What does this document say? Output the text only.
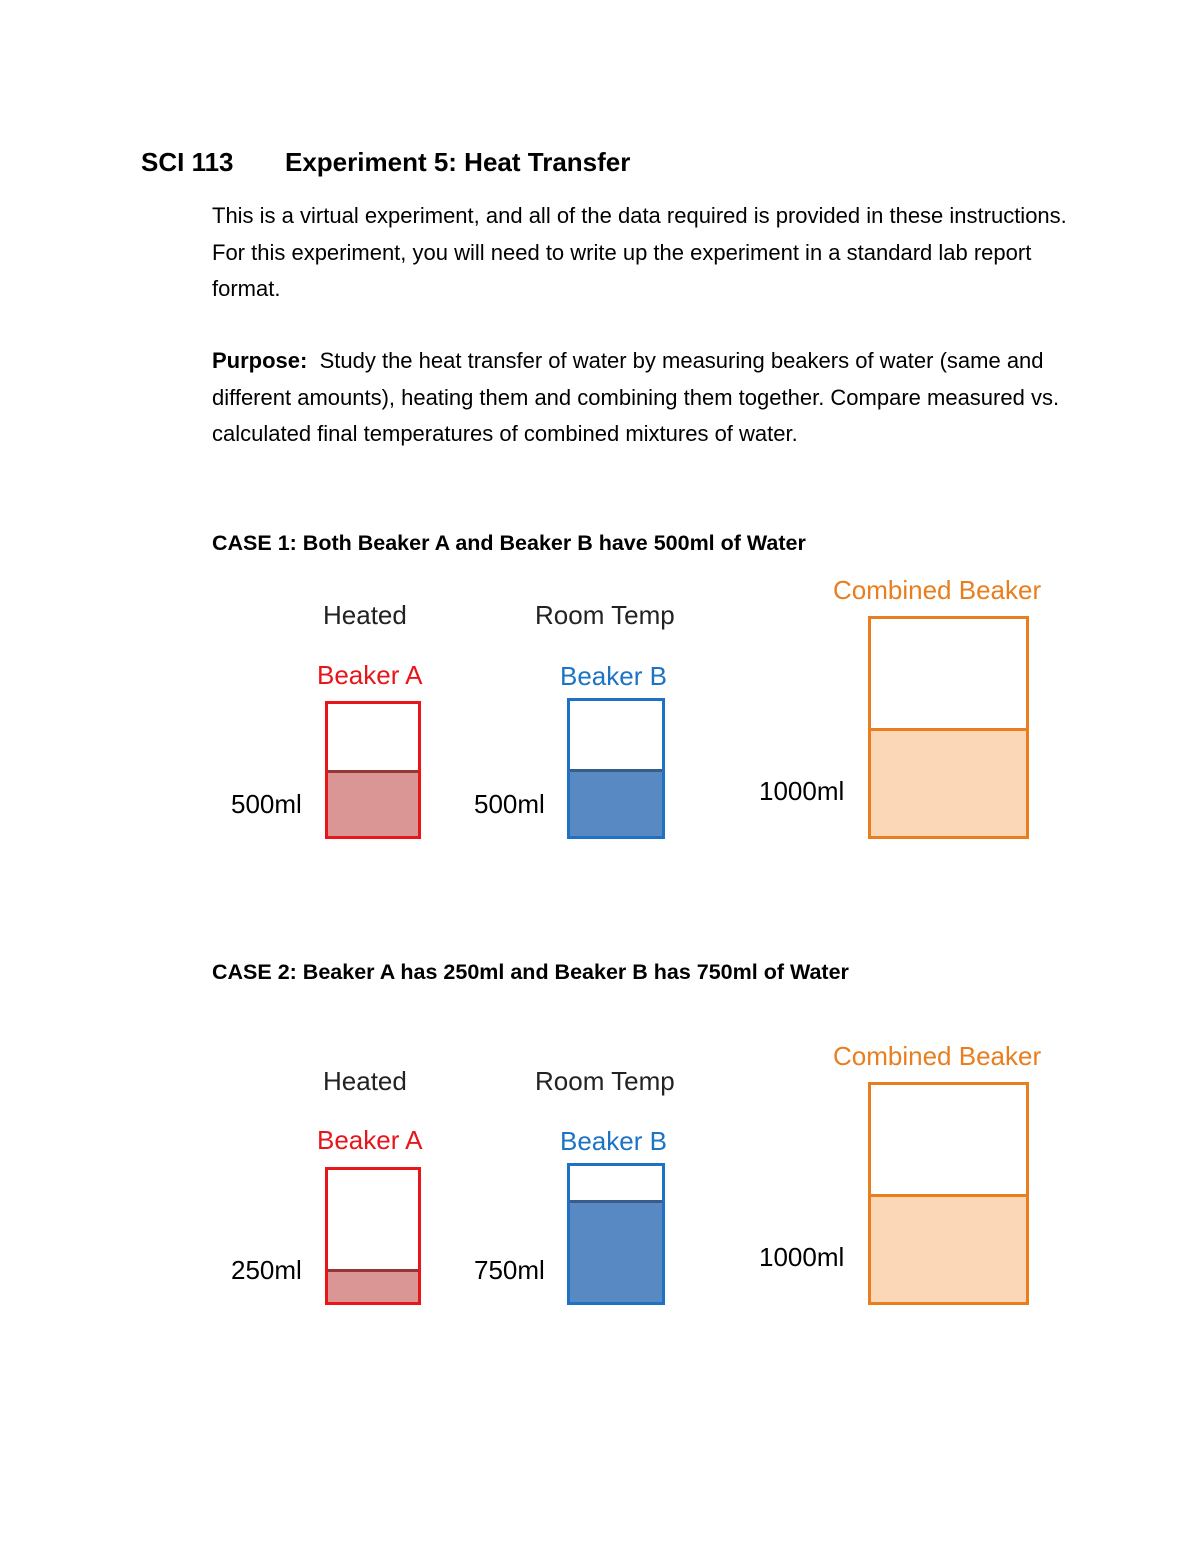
SCI 113 Experiment 5: Heat Transfer
This is a virtual experiment, and all of the data required is provided in these instructions. For this experiment, you will need to write up the experiment in a standard lab report format.
Purpose: Study the heat transfer of water by measuring beakers of water (same and different amounts), heating them and combining them together. Compare measured vs. calculated final temperatures of combined mixtures of water.
CASE 1: Both Beaker A and Beaker B have 500ml of Water
Heated	Room Temp
Combined Beaker
Beaker A	Beaker B
500ml	500ml	1000ml
CASE 2: Beaker A has 250ml and Beaker B has 750ml of Water
Heated	Room Temp
Combined Beaker
Beaker A	Beaker B
250ml	750ml	1000ml
